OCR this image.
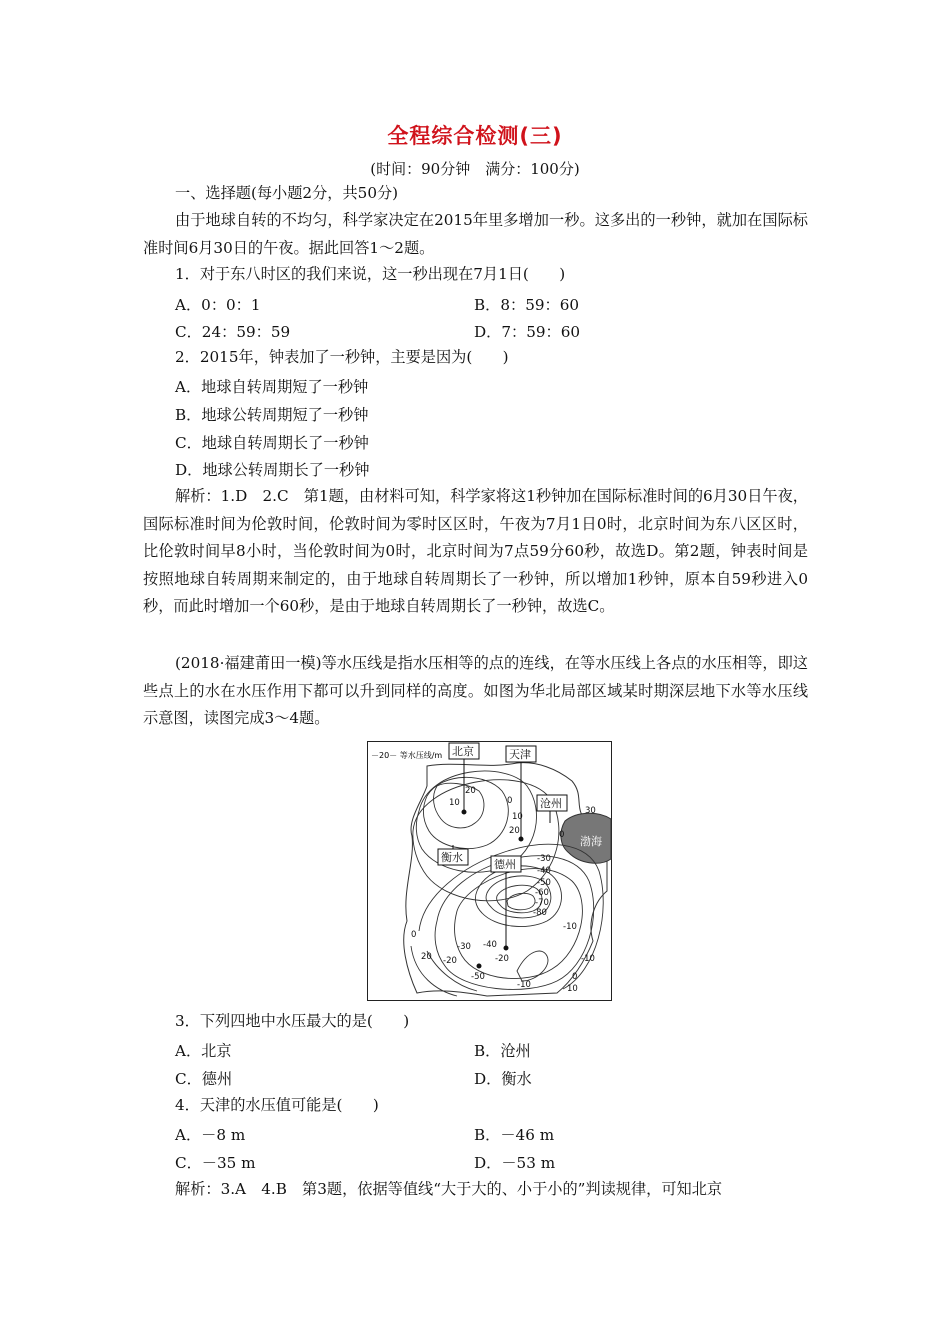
全程综合检测(三)
(时间：90分钟　满分：100分)
一、选择题(每小题2分，共50分)
由于地球自转的不均匀，科学家决定在2015年里多增加一秒。这多出的一秒钟，就加在国际标准时间6月30日的午夜。据此回答1～2题。
1．对于东八时区的我们来说，这一秒出现在7月1日(　　)
A．0：0：1	B．8：59：60
C．24：59：59	D．7：59：60
2．2015年，钟表加了一秒钟，主要是因为(　　)
A．地球自转周期短了一秒钟
B．地球公转周期短了一秒钟
C．地球自转周期长了一秒钟
D．地球公转周期长了一秒钟
解析：1.D　2.C　第1题，由材料可知，科学家将这1秒钟加在国际标准时间的6月30日午夜，国际标准时间为伦敦时间，伦敦时间为零时区区时，午夜为7月1日0时，北京时间为东八区区时，比伦敦时间早8小时，当伦敦时间为0时，北京时间为7点59分60秒，故选D。第2题，钟表时间是按照地球自转周期来制定的，由于地球自转周期长了一秒钟，所以增加1秒钟，原本自59秒进入0秒，而此时增加一个60秒，是由于地球自转周期长了一秒钟，故选C。
(2018·福建莆田一模)等水压线是指水压相等的点的连线，在等水压线上各点的水压相等，即这些点上的水在水压作用下都可以升到同样的高度。如图为华北局部区域某时期深层地下水等水压线示意图，读图完成3～4题。
－20－ 等水压线/m
20
10	0
10
20
30
0
-30
-40
-50
-60
-70
-80
-10
-10
0
10
20
-30 -40
-50
-20
-10
-20
0
北京	天津
沧州
衡水
德州
渤海
3．下列四地中水压最大的是(　　)
A．北京	B．沧州
C．德州	D．衡水
4．天津的水压值可能是(　　)
A．－8 m	B．－46 m
C．－35 m	D．－53 m
解析：3.A　4.B　第3题，依据等值线“大于大的、小于小的”判读规律，可知北京
